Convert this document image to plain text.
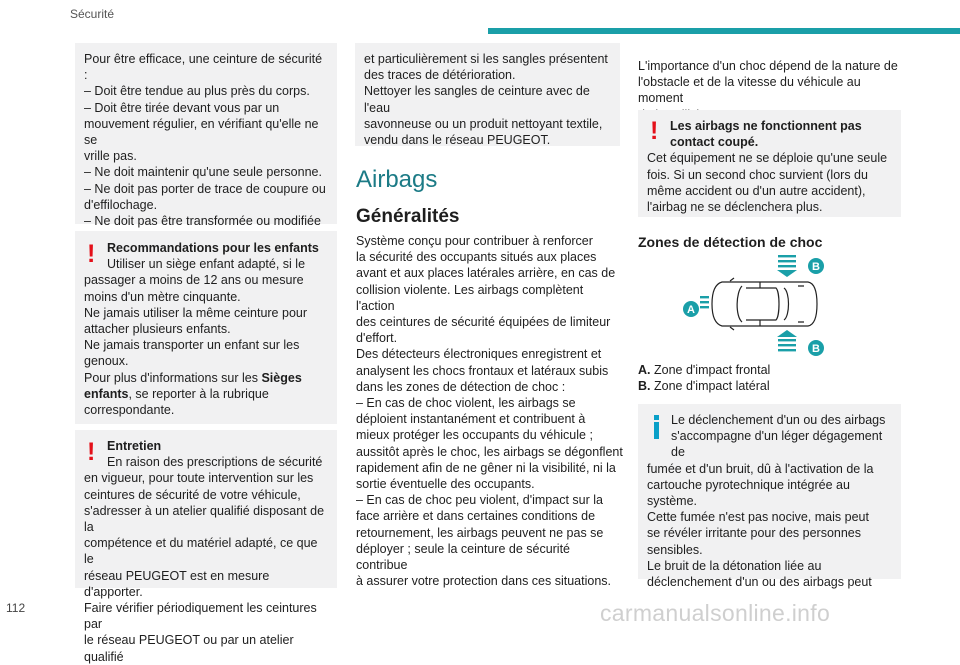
Sécurité

Pour être efficace, une ceinture de sécurité :
– Doit être tendue au plus près du corps.
– Doit être tirée devant vous par un
mouvement régulier, en vérifiant qu'elle ne se
vrille pas.
– Ne doit maintenir qu'une seule personne.
– Ne doit pas porter de trace de coupure ou
d'effilochage.
– Ne doit pas être transformée ou modifiée

! Recommandations pour les enfants
Utiliser un siège enfant adapté, si le

passager a moins de 12 ans ou mesure
moins d'un mètre cinquante.
Ne jamais utiliser la même ceinture pour
attacher plusieurs enfants.
Ne jamais transporter un enfant sur les
genoux.

Pour plus d'informations sur les Sièges
enfants, se reporter à la rubrique
correspondante.

! Entretien
En raison des prescriptions de sécurité

en vigueur, pour toute intervention sur les
ceintures de sécurité de votre véhicule,
s'adresser à un atelier qualifié disposant de la
compétence et du matériel adapté, ce que le
réseau PEUGEOT est en mesure d'apporter.
Faire vérifier périodiquement les ceintures par
le réseau PEUGEOT ou par un atelier qualifié

et particulièrement si les sangles présentent
des traces de détérioration.
Nettoyer les sangles de ceinture avec de l'eau
savonneuse ou un produit nettoyant textile,
vendu dans le réseau PEUGEOT.

Airbags
Généralités

Système conçu pour contribuer à renforcer
la sécurité des occupants situés aux places
avant et aux places latérales arrière, en cas de
collision violente. Les airbags complètent l'action
des ceintures de sécurité équipées de limiteur
d'effort.
Des détecteurs électroniques enregistrent et
analysent les chocs frontaux et latéraux subis
dans les zones de détection de choc :
– En cas de choc violent, les airbags se
déploient instantanément et contribuent à
mieux protéger les occupants du véhicule ;
aussitôt après le choc, les airbags se dégonflent
rapidement afin de ne gêner ni la visibilité, ni la
sortie éventuelle des occupants.
– En cas de choc peu violent, d'impact sur la
face arrière et dans certaines conditions de
retournement, les airbags peuvent ne pas se
déployer ; seule la ceinture de sécurité contribue
à assurer votre protection dans ces situations.

L'importance d'un choc dépend de la nature de
l'obstacle et de la vitesse du véhicule au moment

! Les airbags ne fonctionnent pas
contact coupé.

Cet équipement ne se déploie qu'une seule
fois. Si un second choc survient (lors du
même accident ou d'un autre accident),
l'airbag ne se déclenchera plus.

Zones de détection de choc
A
B
B
A. Zone d'impact frontal
B. Zone d'impact latéral
Le déclenchement d'un ou des airbags
s'accompagne d'un léger dégagement de

fumée et d'un bruit, dû à l'activation de la
cartouche pyrotechnique intégrée au
système.
Cette fumée n'est pas nocive, mais peut
se révéler irritante pour des personnes
sensibles.
Le bruit de la détonation liée au
déclenchement d'un ou des airbags peut

112	carmanualsonline.info
